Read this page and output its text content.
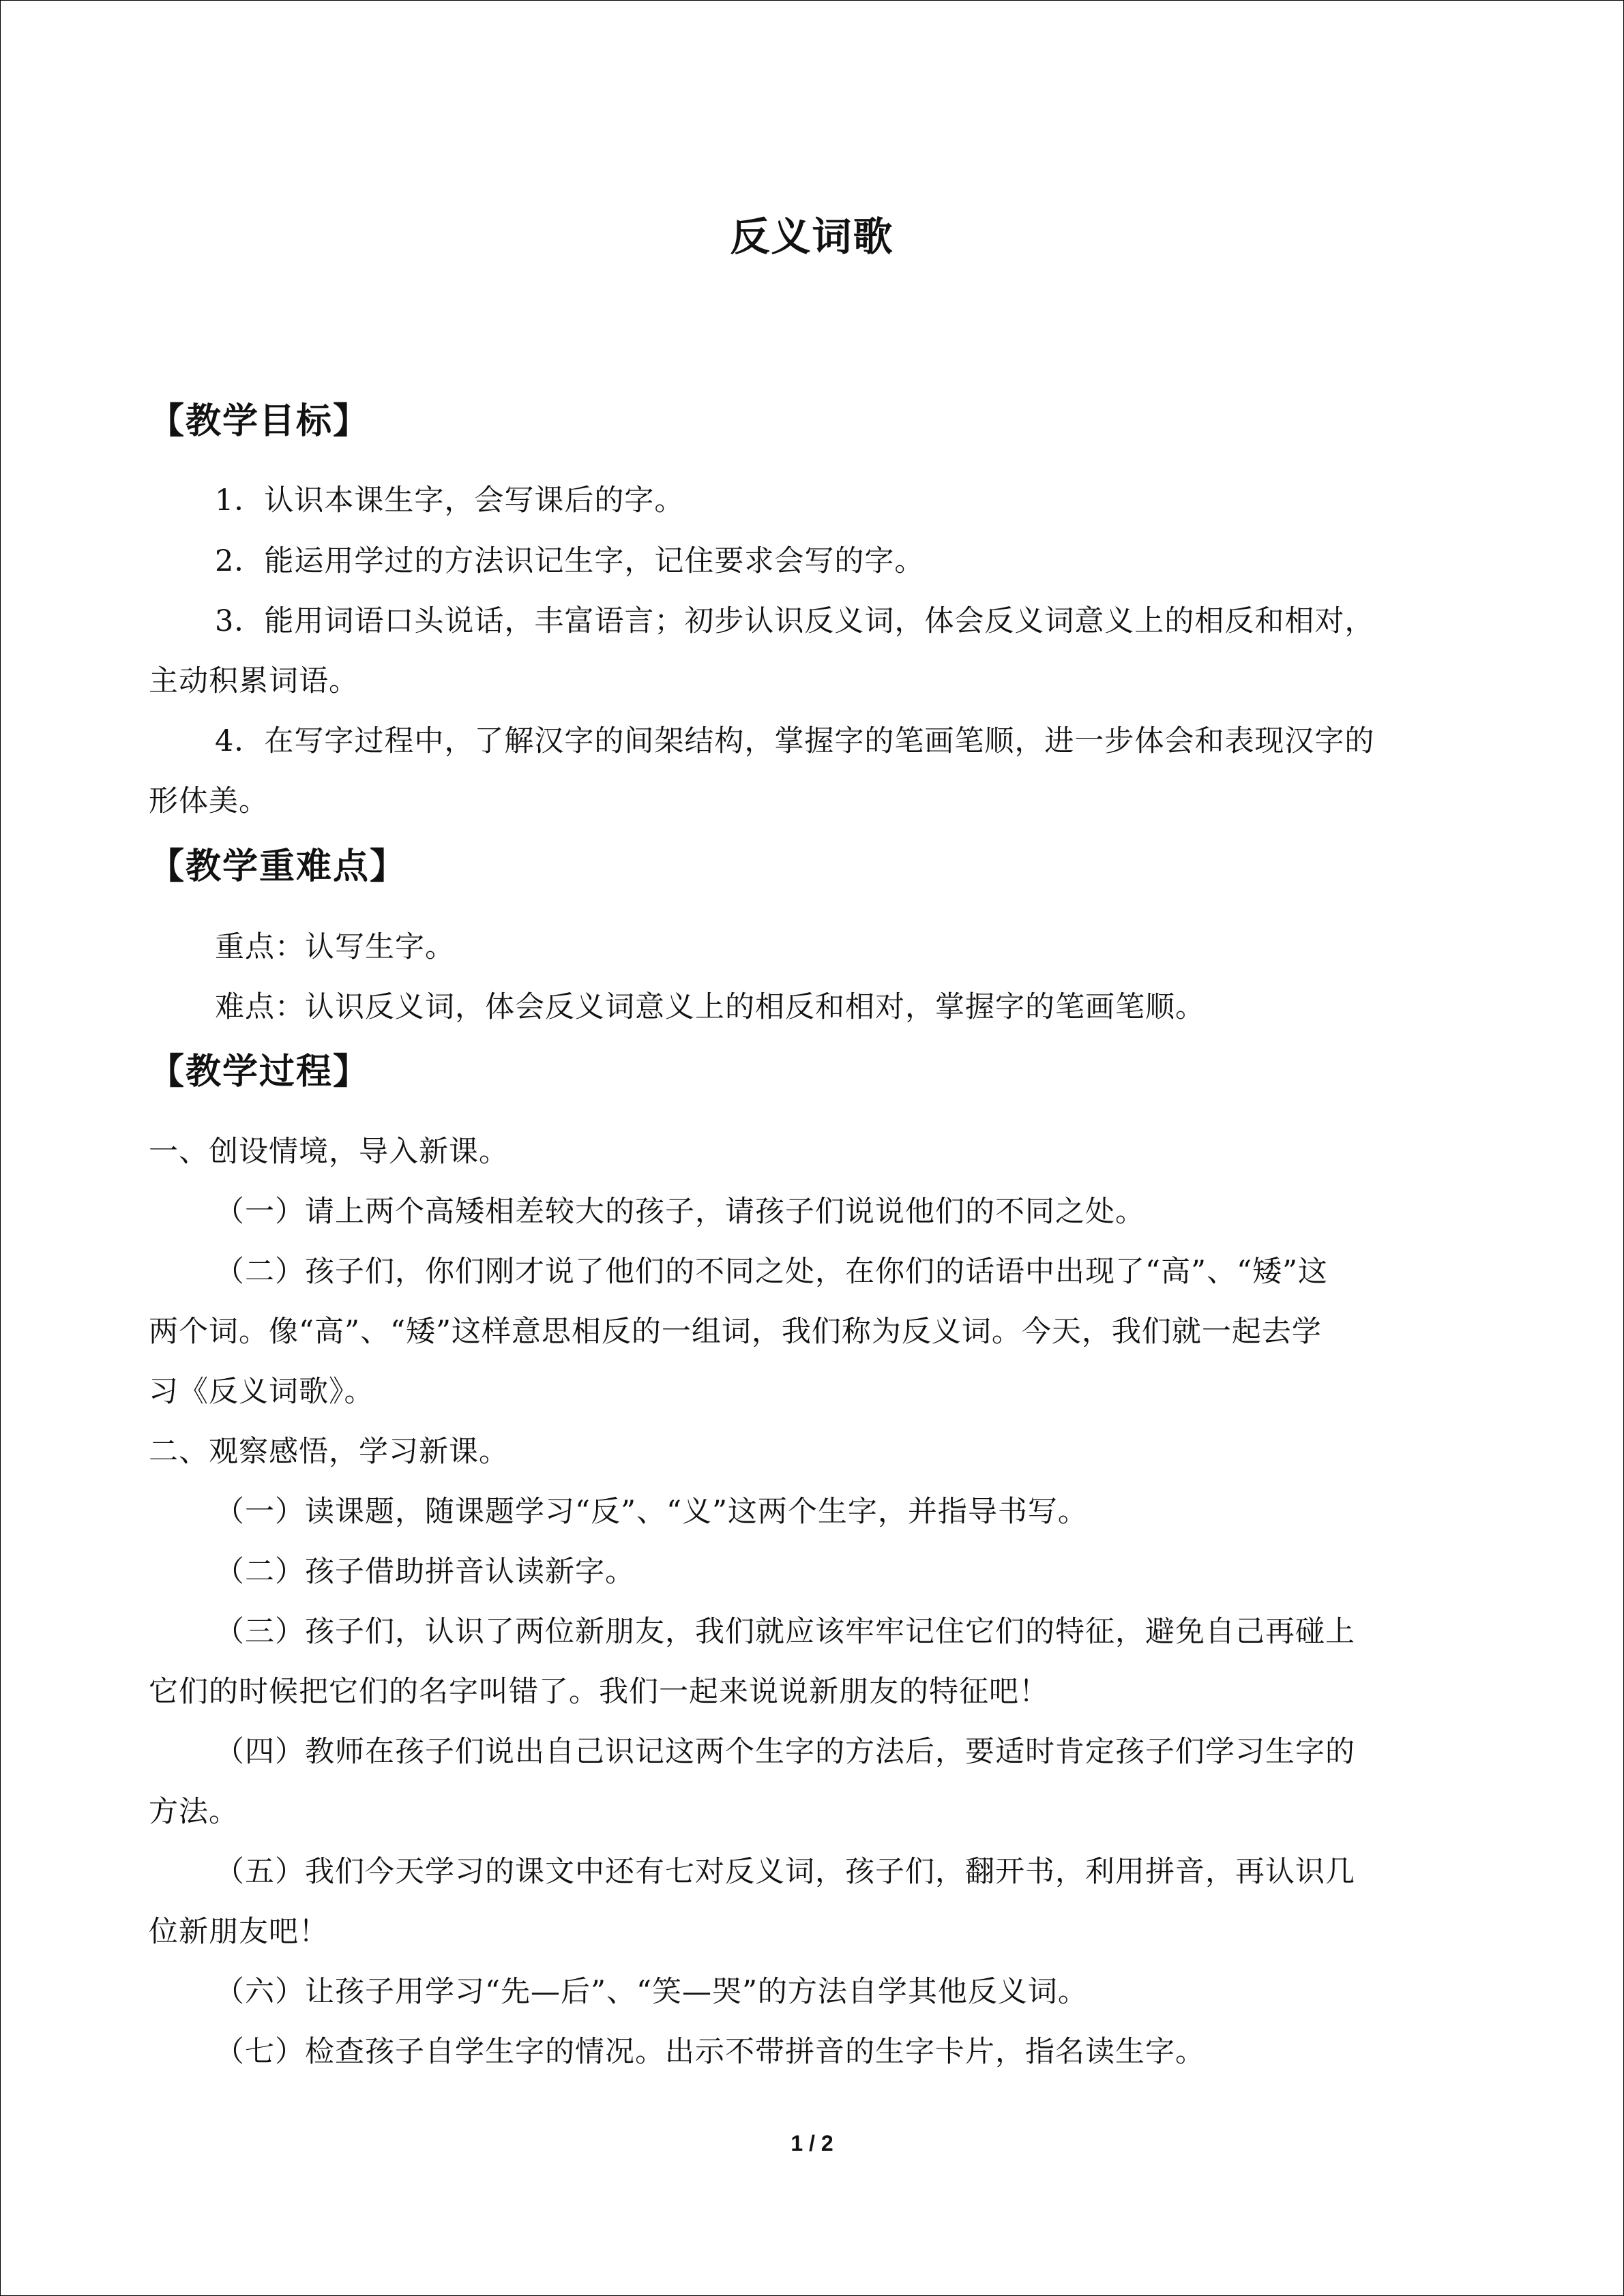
反义词歌
【教学目标】
1．认识本课生字，会写课后的字。
2．能运用学过的方法识记生字，记住要求会写的字。
3．能用词语口头说话，丰富语言；初步认识反义词，体会反义词意义上的相反和相对，
主动积累词语。
4．在写字过程中，了解汉字的间架结构，掌握字的笔画笔顺，进一步体会和表现汉字的
形体美。
【教学重难点】
重点：认写生字。
难点：认识反义词，体会反义词意义上的相反和相对，掌握字的笔画笔顺。
【教学过程】
一、创设情境，导入新课。
（一）请上两个高矮相差较大的孩子，请孩子们说说他们的不同之处。
（二）孩子们，你们刚才说了他们的不同之处，在你们的话语中出现了“高”、“矮”这
两个词。像“高”、“矮”这样意思相反的一组词，我们称为反义词。今天，我们就一起去学
习《反义词歌》。
二、观察感悟，学习新课。
（一）读课题，随课题学习“反”、“义”这两个生字，并指导书写。
（二）孩子借助拼音认读新字。
（三）孩子们，认识了两位新朋友，我们就应该牢牢记住它们的特征，避免自己再碰上
它们的时候把它们的名字叫错了。我们一起来说说新朋友的特征吧！
（四）教师在孩子们说出自己识记这两个生字的方法后，要适时肯定孩子们学习生字的
方法。
（五）我们今天学习的课文中还有七对反义词，孩子们，翻开书，利用拼音，再认识几
位新朋友吧！
（六）让孩子用学习“先—后”、“笑—哭”的方法自学其他反义词。
（七）检查孩子自学生字的情况。出示不带拼音的生字卡片，指名读生字。
1 / 2
